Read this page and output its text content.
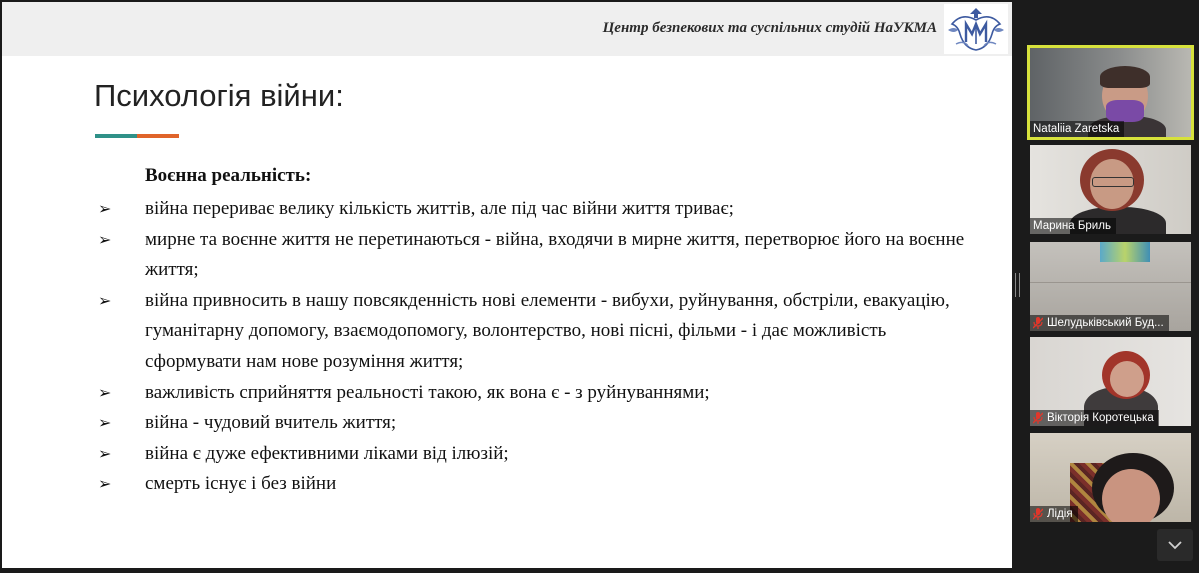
Центр безпекових та суспільних студій НаУКМА
Психологія війни:
Воєнна реальність:
➢	війна перериває велику кількість життів, але під час війни життя триває;
➢	мирне та воєнне життя не перетинаються - війна, входячи в мирне життя, перетворює його на воєнне життя;
➢	війна привносить в нашу повсякденність нові елементи - вибухи, руйнування, обстріли, евакуацію, гуманітарну допомогу, взаємодопомогу, волонтерство, нові пісні, фільми - і дає можливість сформувати нам нове розуміння життя;
➢	важливість сприйняття реальності такою, як вона є - з руйнуваннями;
➢	війна - чудовий вчитель життя;
➢	війна є дуже ефективними ліками від ілюзій;
➢	смерть існує і без війни
Nataliia Zaretska
Марина Бриль
Шелудьківський Буд...
Вікторія Коротецька
Лідія
